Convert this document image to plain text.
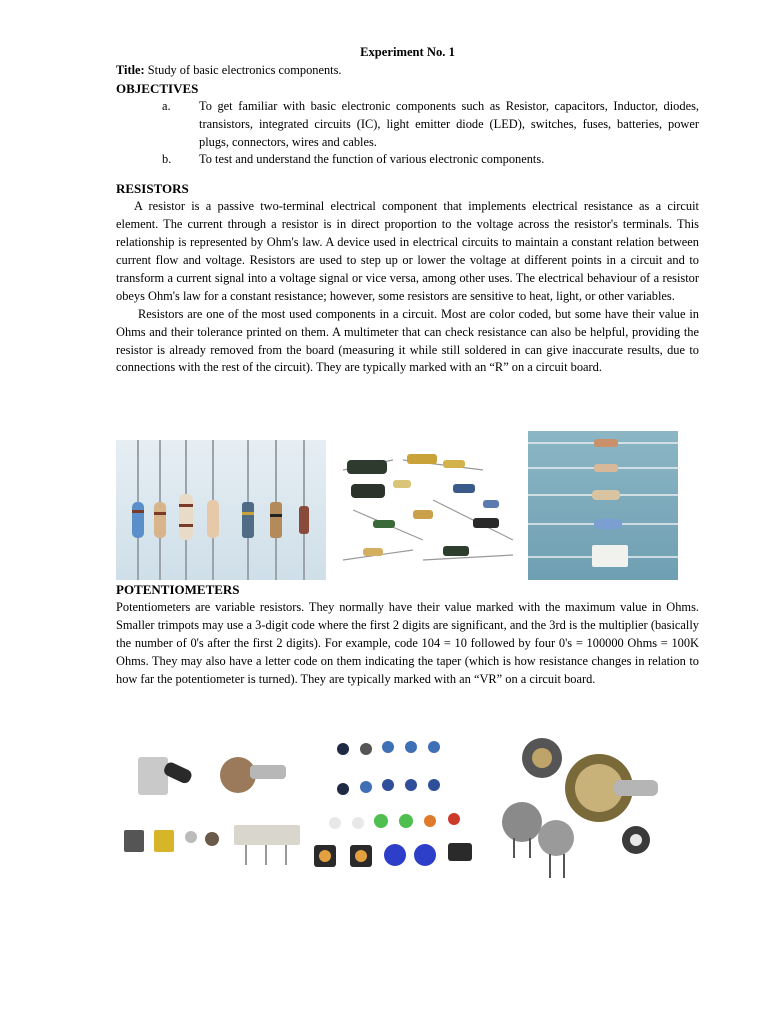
Experiment No. 1
Title: Study of basic electronics components.
OBJECTIVES
a.	To get familiar with basic electronic components such as Resistor, capacitors, Inductor, diodes, transistors, integrated circuits (IC), light emitter diode (LED), switches, fuses, batteries, power plugs, connectors, wires and cables.
b.	To test and understand the function of various electronic components.
RESISTORS

A resistor is a passive two-terminal electrical component that implements electrical resistance as a circuit element. The current through a resistor is in direct proportion to the voltage across the resistor's terminals. This relationship is represented by Ohm's law. A device used in electrical circuits to maintain a constant relation between current flow and voltage. Resistors are used to step up or lower the voltage at different points in a circuit and to transform a current signal into a voltage signal or vice versa, among other uses. The electrical behaviour of a resistor obeys Ohm's law for a constant resistance; however, some resistors are sensitive to heat, light, or other variables.

Resistors are one of the most used components in a circuit. Most are color coded, but some have their value in Ohms and their tolerance printed on them. A multimeter that can check resistance can also be helpful, providing the resistor is already removed from the board (measuring it while still soldered in can give inaccurate results, due to connections with the rest of the circuit). They are typically marked with an “R” on a circuit board.

POTENTIOMETERS

Potentiometers are variable resistors. They normally have their value marked with the maximum value in Ohms. Smaller trimpots may use a 3-digit code where the first 2 digits are significant, and the 3rd is the multiplier (basically the number of 0's after the first 2 digits). For example, code 104 = 10 followed by four 0's = 100000 Ohms = 100K Ohms. They may also have a letter code on them indicating the taper (which is how resistance changes in relation to how far the potentiometer is turned). They are typically marked with an “VR” on a circuit board.
